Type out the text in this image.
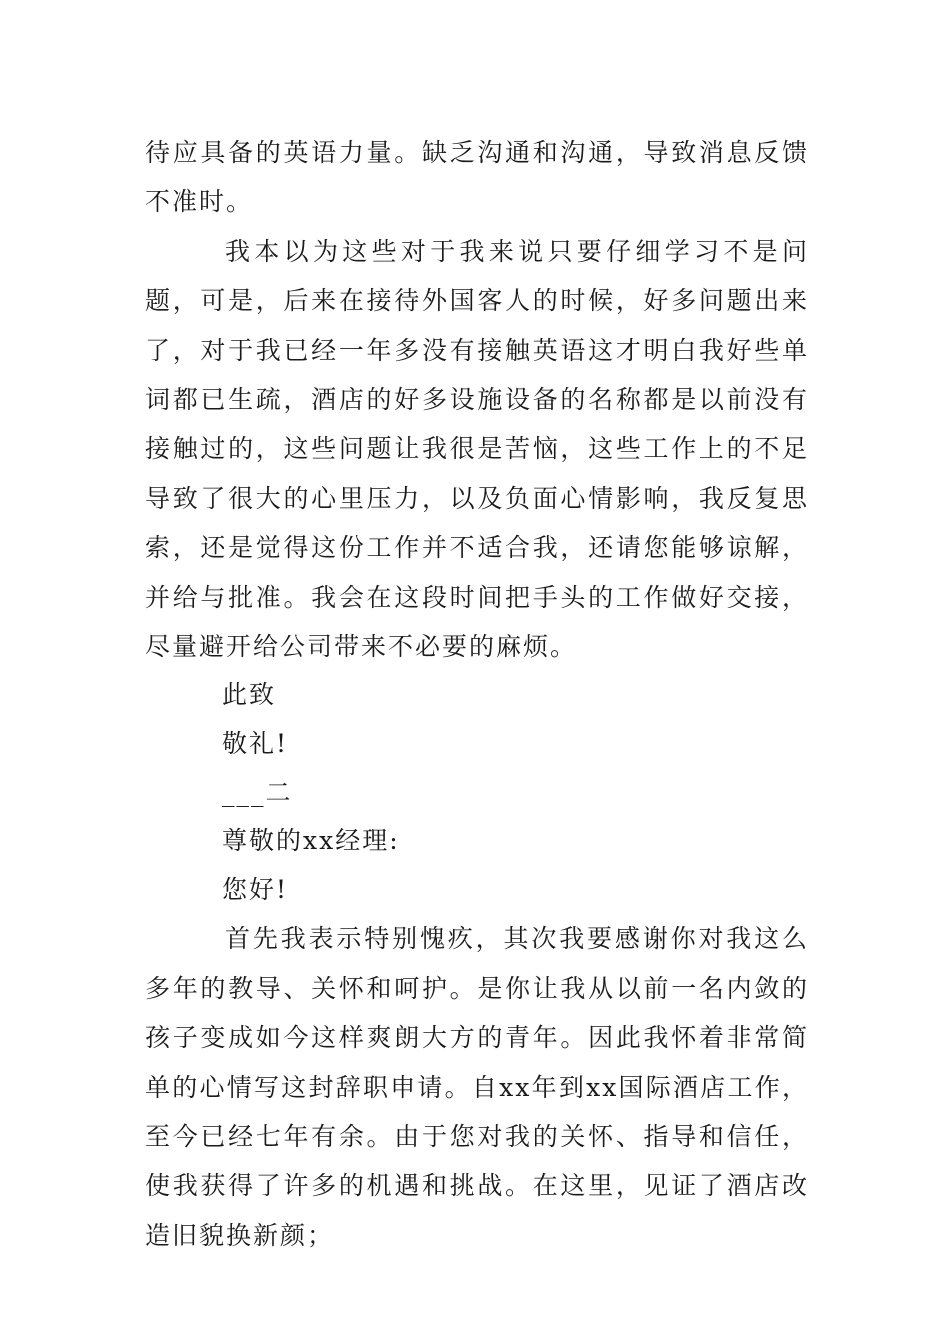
待应具备的英语力量。缺乏沟通和沟通，导致消息反馈不准时。

我本以为这些对于我来说只要仔细学习不是问题，可是，后来在接待外国客人的时候，好多问题出来了，对于我已经一年多没有接触英语这才明白我好些单词都已生疏，酒店的好多设施设备的名称都是以前没有接触过的，这些问题让我很是苦恼，这些工作上的不足导致了很大的心里压力，以及负面心情影响，我反复思索，还是觉得这份工作并不适合我，还请您能够谅解，并给与批准。我会在这段时间把手头的工作做好交接，尽量避开给公司带来不必要的麻烦。

此致

敬礼!

___二

尊敬的xx经理:

您好!

首先我表示特别愧疚，其次我要感谢你对我这么多年的教导、关怀和呵护。是你让我从以前一名内敛的孩子变成如今这样爽朗大方的青年。因此我怀着非常简单的心情写这封辞职申请。自xx年到xx国际酒店工作，至今已经七年有余。由于您对我的关怀、指导和信任，使我获得了许多的机遇和挑战。在这里，见证了酒店改造旧貌换新颜；
